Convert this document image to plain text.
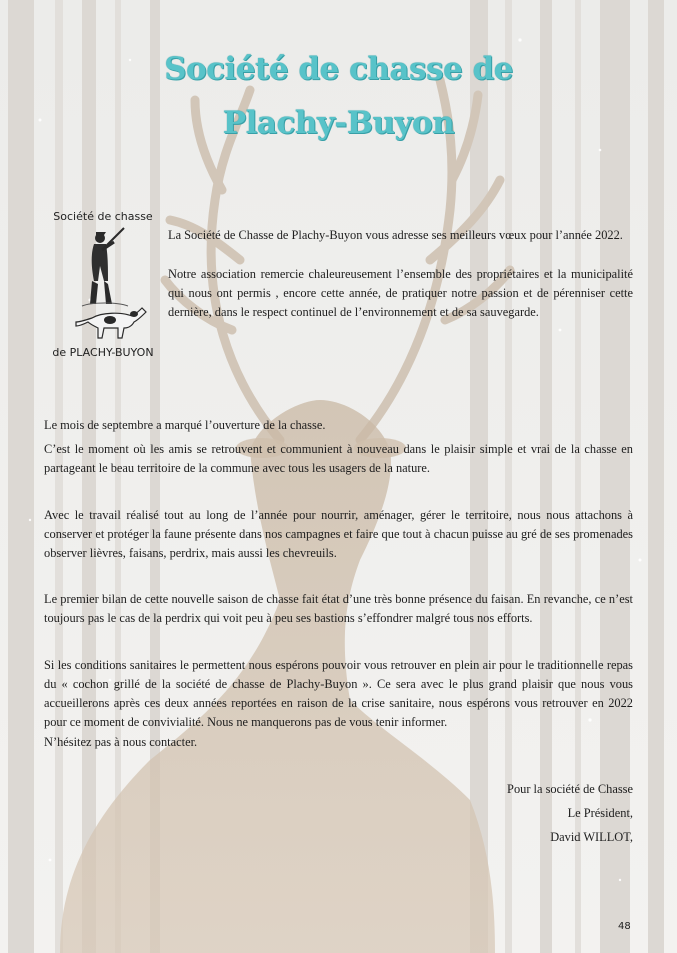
Société de chasse de
Plachy-Buyon
Société de chasse
de PLACHY-BUYON

La Société de Chasse de Plachy-Buyon vous adresse ses meilleurs vœux pour l’année 2022.

Notre association remercie chaleureusement l’ensemble des propriétaires et la municipalité qui nous ont permis , encore cette année, de pratiquer notre passion et de pérenniser cette dernière, dans le respect continuel de l’environnement et de sa sauvegarde.

Le mois de septembre a marqué l’ouverture de la chasse.

C’est le moment où les amis se retrouvent et communient à nouveau dans le plaisir simple et vrai de la chasse en partageant le beau territoire de la commune avec tous les usagers de la nature.

Avec le travail réalisé tout au long de l’année pour nourrir, aménager, gérer le territoire, nous nous attachons à conserver et protéger la faune présente dans nos campagnes et faire que tout à chacun puisse au gré de ses promenades observer lièvres, faisans, perdrix, mais aussi les chevreuils.

Le premier bilan de cette nouvelle saison de chasse fait état d’une très bonne présence du faisan. En revanche, ce n’est toujours pas le cas de la perdrix qui voit peu à peu ses bastions s’effondrer malgré tous nos efforts.

Si les conditions sanitaires le permettent nous espérons pouvoir vous retrouver en plein air pour le traditionnelle repas du « cochon grillé de la société de chasse de Plachy-Buyon ». Ce sera avec le plus grand plaisir que nous vous accueillerons après ces deux années reportées en raison de la crise sanitaire, nous espérons vous retrouver en 2022 pour ce moment de convivialité. Nous ne manquerons pas de vous tenir informer.

N’hésitez pas à nous contacter.

Pour la société de Chasse
Le Président,
David WILLOT,
48
